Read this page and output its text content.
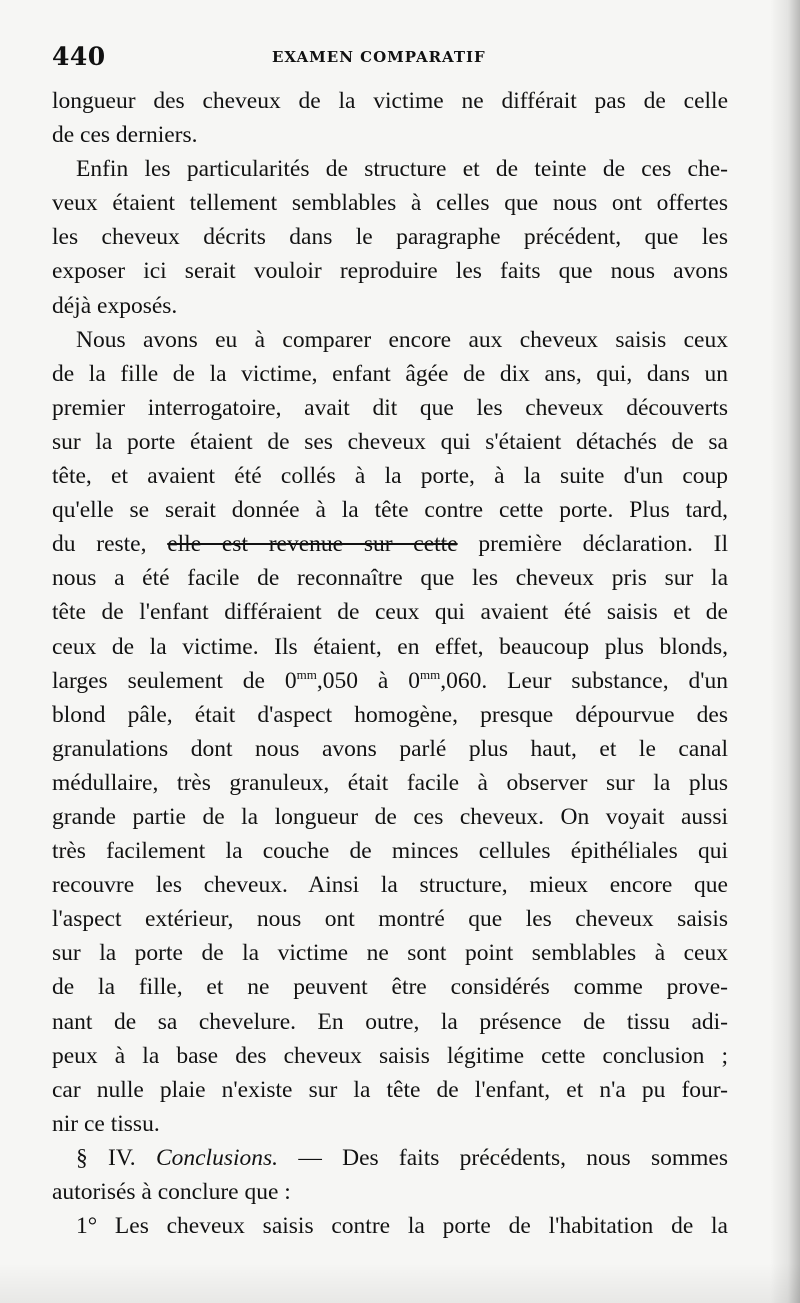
440	EXAMEN COMPARATIF
longueur des cheveux de la victime ne différait pas de celle
de ces derniers.
Enfin les particularités de structure et de teinte de ces che-
veux étaient tellement semblables à celles que nous ont offertes
les cheveux décrits dans le paragraphe précédent, que les
exposer ici serait vouloir reproduire les faits que nous avons
déjà exposés.
Nous avons eu à comparer encore aux cheveux saisis ceux
de la fille de la victime, enfant âgée de dix ans, qui, dans un
premier interrogatoire, avait dit que les cheveux découverts
sur la porte étaient de ses cheveux qui s'étaient détachés de sa
tête, et avaient été collés à la porte, à la suite d'un coup
qu'elle se serait donnée à la tête contre cette porte. Plus tard,
du reste, elle est revenue sur cette première déclaration. Il
nous a été facile de reconnaître que les cheveux pris sur la
tête de l'enfant différaient de ceux qui avaient été saisis et de
ceux de la victime. Ils étaient, en effet, beaucoup plus blonds,
larges seulement de $0^{mm},050$ à $0^{mm},060$. Leur substance, d'un
blond pâle, était d'aspect homogène, presque dépourvue des
granulations dont nous avons parlé plus haut, et le canal
médullaire, très granuleux, était facile à observer sur la plus
grande partie de la longueur de ces cheveux. On voyait aussi
très facilement la couche de minces cellules épithéliales qui
recouvre les cheveux. Ainsi la structure, mieux encore que
l'aspect extérieur, nous ont montré que les cheveux saisis
sur la porte de la victime ne sont point semblables à ceux
de la fille, et ne peuvent être considérés comme prove-
nant de sa chevelure. En outre, la présence de tissu adi-
peux à la base des cheveux saisis légitime cette conclusion ;
car nulle plaie n'existe sur la tête de l'enfant, et n'a pu four-
nir ce tissu.
§ IV. Conclusions. — Des faits précédents, nous sommes
autorisés à conclure que :
1° Les cheveux saisis contre la porte de l'habitation de la
